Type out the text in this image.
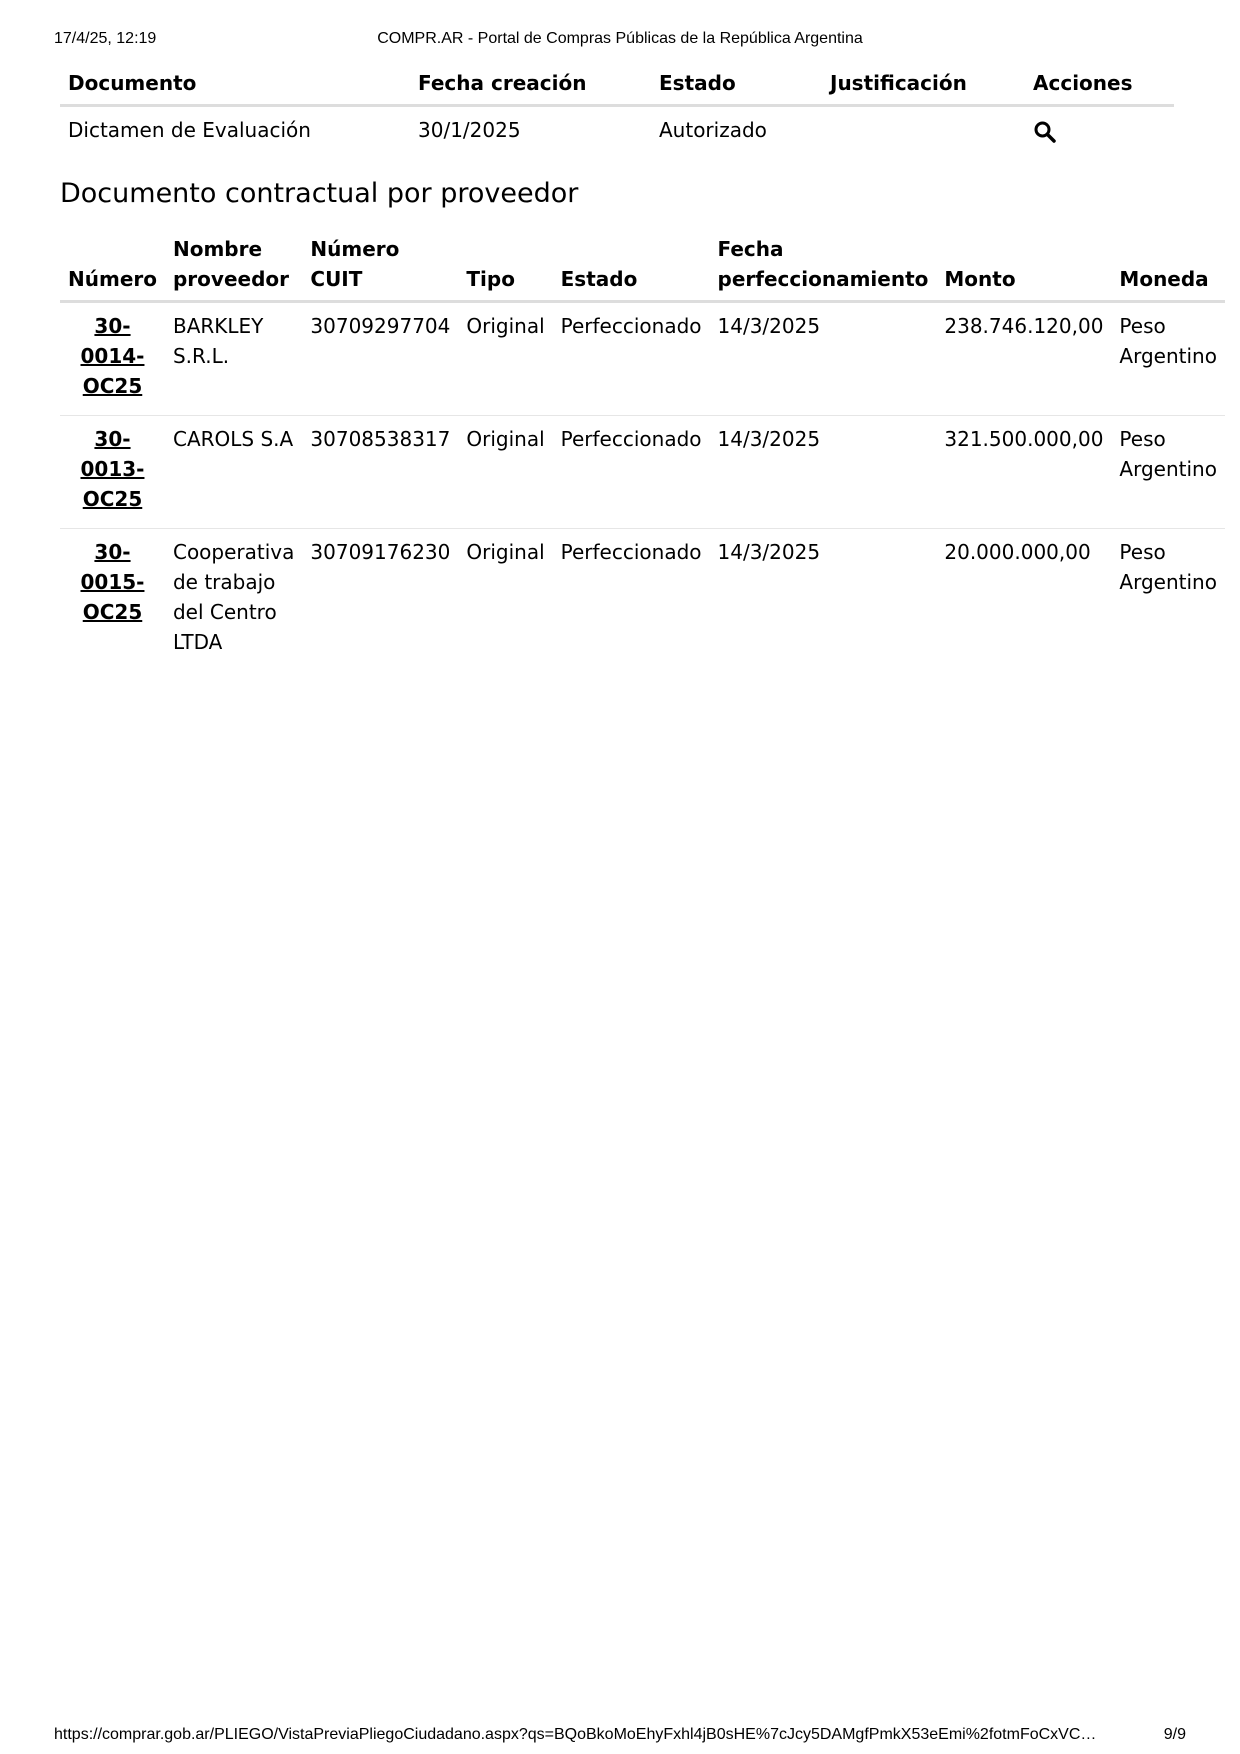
17/4/25, 12:19	COMPR.AR - Portal de Compras Públicas de la República Argentina
Documento	Fecha creación	Estado	Justificación	Acciones
Dictamen de Evaluación	30/1/2025	Autorizado		
Documento contractual por proveedor
Número	Nombre proveedor	Número CUIT	Tipo	Estado	Fecha perfeccionamiento	Monto	Moneda
30-0014-OC25	BARKLEY S.R.L.	30709297704	Original	Perfeccionado	14/3/2025	238.746.120,00	Peso Argentino
30-0013-OC25	CAROLS S.A	30708538317	Original	Perfeccionado	14/3/2025	321.500.000,00	Peso Argentino
30-0015-OC25	Cooperativa de trabajo del Centro LTDA	30709176230	Original	Perfeccionado	14/3/2025	20.000.000,00	Peso Argentino
https://comprar.gob.ar/PLIEGO/VistaPreviaPliegoCiudadano.aspx?qs=BQoBkoMoEhyFxhl4jB0sHE%7cJcy5DAMgfPmkX53eEmi%2fotmFoCxVC…	9/9
